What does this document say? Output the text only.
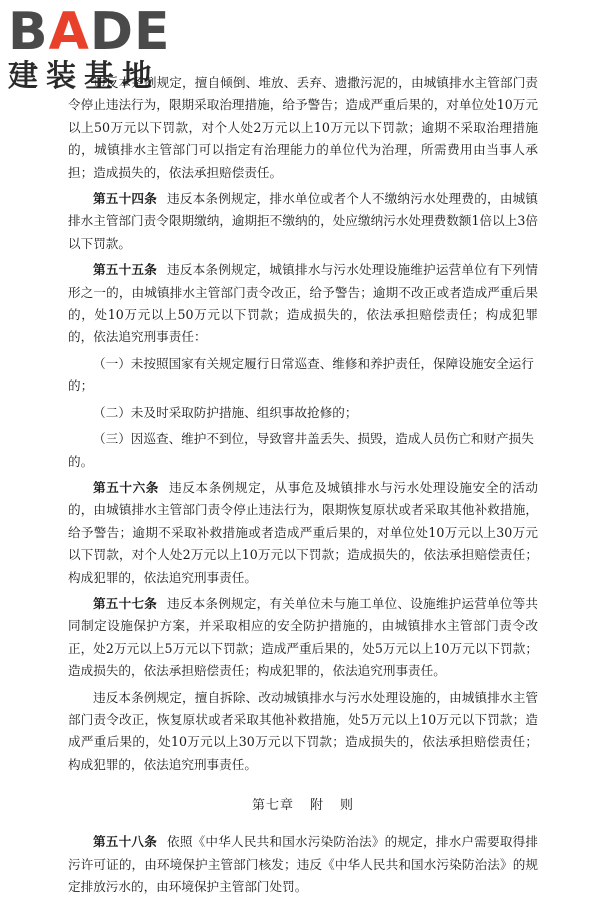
BADE
建装基地

违反本条例规定，擅自倾倒、堆放、丢弃、遗撒污泥的，由城镇排水主管部门责令停止违法行为，限期采取治理措施，给予警告；造成严重后果的，对单位处10万元以上50万元以下罚款，对个人处2万元以上10万元以下罚款；逾期不采取治理措施的，城镇排水主管部门可以指定有治理能力的单位代为治理，所需费用由当事人承担；造成损失的，依法承担赔偿责任。

第五十四条 违反本条例规定，排水单位或者个人不缴纳污水处理费的，由城镇排水主管部门责令限期缴纳，逾期拒不缴纳的，处应缴纳污水处理费数额1倍以上3倍以下罚款。

第五十五条 违反本条例规定，城镇排水与污水处理设施维护运营单位有下列情形之一的，由城镇排水主管部门责令改正，给予警告；逾期不改正或者造成严重后果的，处10万元以上50万元以下罚款；造成损失的，依法承担赔偿责任；构成犯罪的，依法追究刑事责任：

（一）未按照国家有关规定履行日常巡查、维修和养护责任，保障设施安全运行的；
（二）未及时采取防护措施、组织事故抢修的；
（三）因巡查、维护不到位，导致窨井盖丢失、损毁，造成人员伤亡和财产损失的。

第五十六条 违反本条例规定，从事危及城镇排水与污水处理设施安全的活动的，由城镇排水主管部门责令停止违法行为，限期恢复原状或者采取其他补救措施，给予警告；逾期不采取补救措施或者造成严重后果的，对单位处10万元以上30万元以下罚款，对个人处2万元以上10万元以下罚款；造成损失的，依法承担赔偿责任；构成犯罪的，依法追究刑事责任。

第五十七条 违反本条例规定，有关单位未与施工单位、设施维护运营单位等共同制定设施保护方案，并采取相应的安全防护措施的，由城镇排水主管部门责令改正，处2万元以上5万元以下罚款；造成严重后果的，处5万元以上10万元以下罚款；造成损失的，依法承担赔偿责任；构成犯罪的，依法追究刑事责任。

违反本条例规定，擅自拆除、改动城镇排水与污水处理设施的，由城镇排水主管部门责令改正，恢复原状或者采取其他补救措施，处5万元以上10万元以下罚款；造成严重后果的，处10万元以上30万元以下罚款；造成损失的，依法承担赔偿责任；构成犯罪的，依法追究刑事责任。

第七章 附 则

第五十八条 依照《中华人民共和国水污染防治法》的规定，排水户需要取得排污许可证的，由环境保护主管部门核发；违反《中华人民共和国水污染防治法》的规定排放污水的，由环境保护主管部门处罚。
